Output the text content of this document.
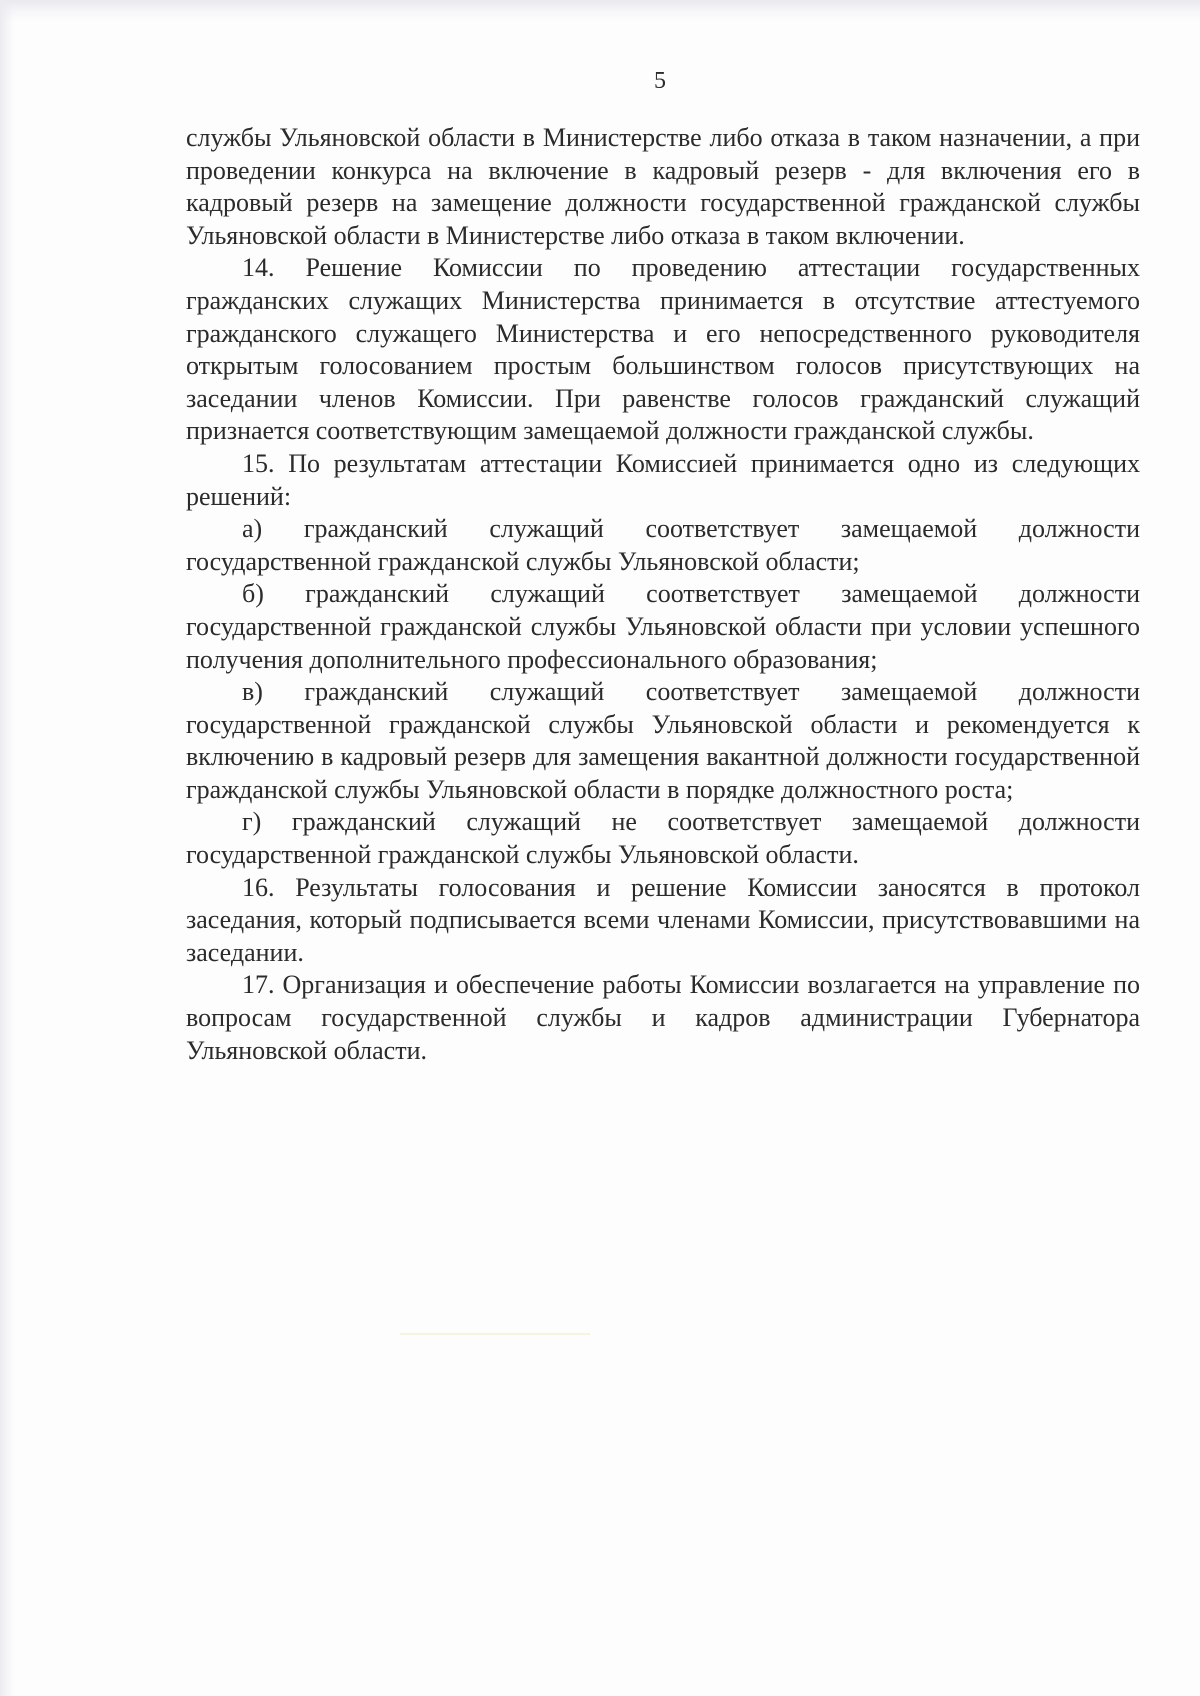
5

службы Ульяновской области в Министерстве либо отказа в таком назначении, а при проведении конкурса на включение в кадровый резерв - для включения его в кадровый резерв на замещение должности государственной гражданской службы Ульяновской области в Министерстве либо отказа в таком включении.

14. Решение Комиссии по проведению аттестации государственных гражданских служащих Министерства принимается в отсутствие аттестуемого гражданского служащего Министерства и его непосредственного руководителя открытым голосованием простым большинством голосов присутствующих на заседании членов Комиссии. При равенстве голосов гражданский служащий признается соответствующим замещаемой должности гражданской службы.

15. По результатам аттестации Комиссией принимается одно из следующих решений:

а) гражданский служащий соответствует замещаемой должности государственной гражданской службы Ульяновской области;

б) гражданский служащий соответствует замещаемой должности государственной гражданской службы Ульяновской области при условии успешного получения дополнительного профессионального образования;

в) гражданский служащий соответствует замещаемой должности государственной гражданской службы Ульяновской области и рекомендуется к включению в кадровый резерв для замещения вакантной должности государственной гражданской службы Ульяновской области в порядке должностного роста;

г) гражданский служащий не соответствует замещаемой должности государственной гражданской службы Ульяновской области.

16. Результаты голосования и решение Комиссии заносятся в протокол заседания, который подписывается всеми членами Комиссии, присутствовавшими на заседании.

17. Организация и обеспечение работы Комиссии возлагается на управление по вопросам государственной службы и кадров администрации Губернатора Ульяновской области.
